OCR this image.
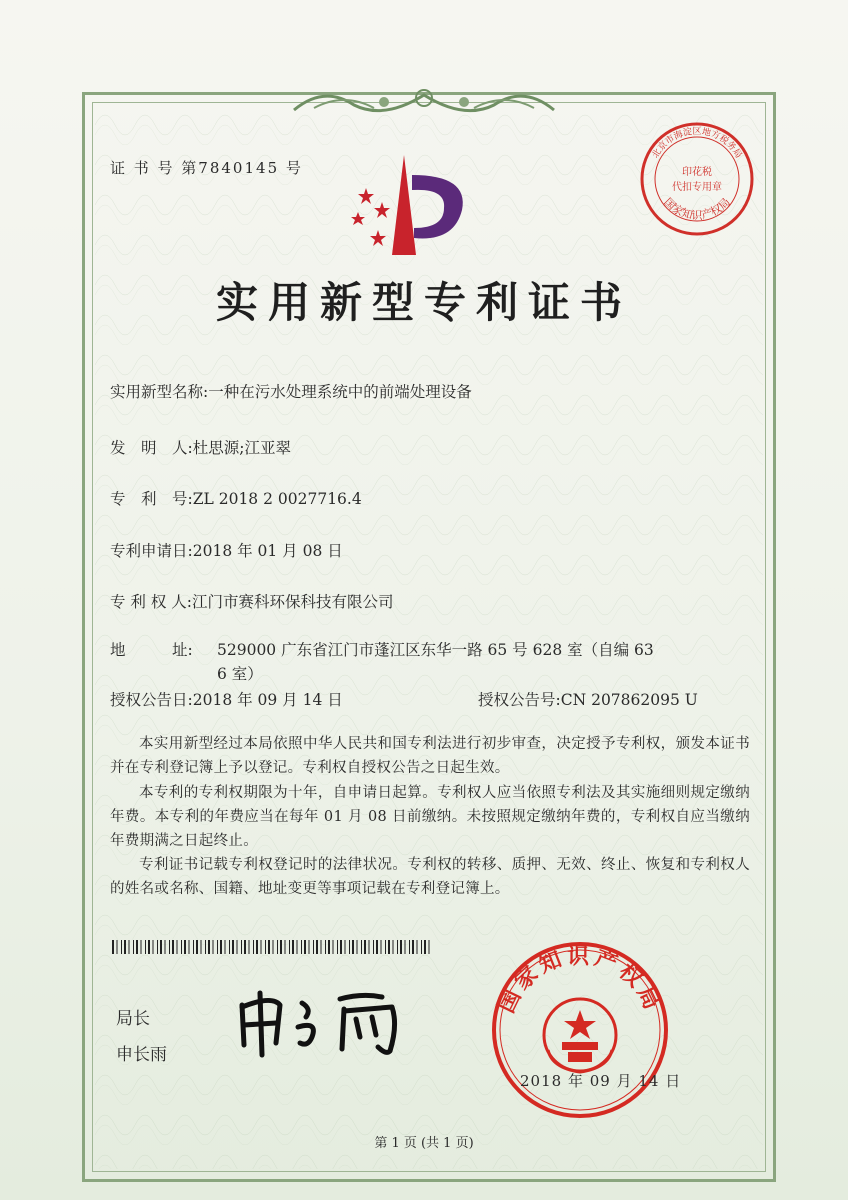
证 书 号 第7840145 号
北京市海淀区地方税务局
印花税
代扣专用章
国家知识产权局
实用新型专利证书
实用新型名称:一种在污水处理系统中的前端处理设备
发　明　人:杜思源;江亚翠
专　利　号:ZL 2018 2 0027716.4
专利申请日:2018 年 01 月 08 日
专 利 权 人:江门市赛科环保科技有限公司
地　　　址: 529000 广东省江门市蓬江区东华一路 65 号 628 室（自编 63 6 室）
授权公告日:2018 年 09 月 14 日	授权公告号:CN 207862095 U
本实用新型经过本局依照中华人民共和国专利法进行初步审查，决定授予专利权，颁发本证书并在专利登记簿上予以登记。专利权自授权公告之日起生效。
本专利的专利权期限为十年，自申请日起算。专利权人应当依照专利法及其实施细则规定缴纳年费。本专利的年费应当在每年 01 月 08 日前缴纳。未按照规定缴纳年费的，专利权自应当缴纳年费期满之日起终止。
专利证书记载专利权登记时的法律状况。专利权的转移、质押、无效、终止、恢复和专利权人的姓名或名称、国籍、地址变更等事项记载在专利登记簿上。
局长
申长雨
国家知识产权局
2018 年 09 月 14 日
第 1 页 (共 1 页)
